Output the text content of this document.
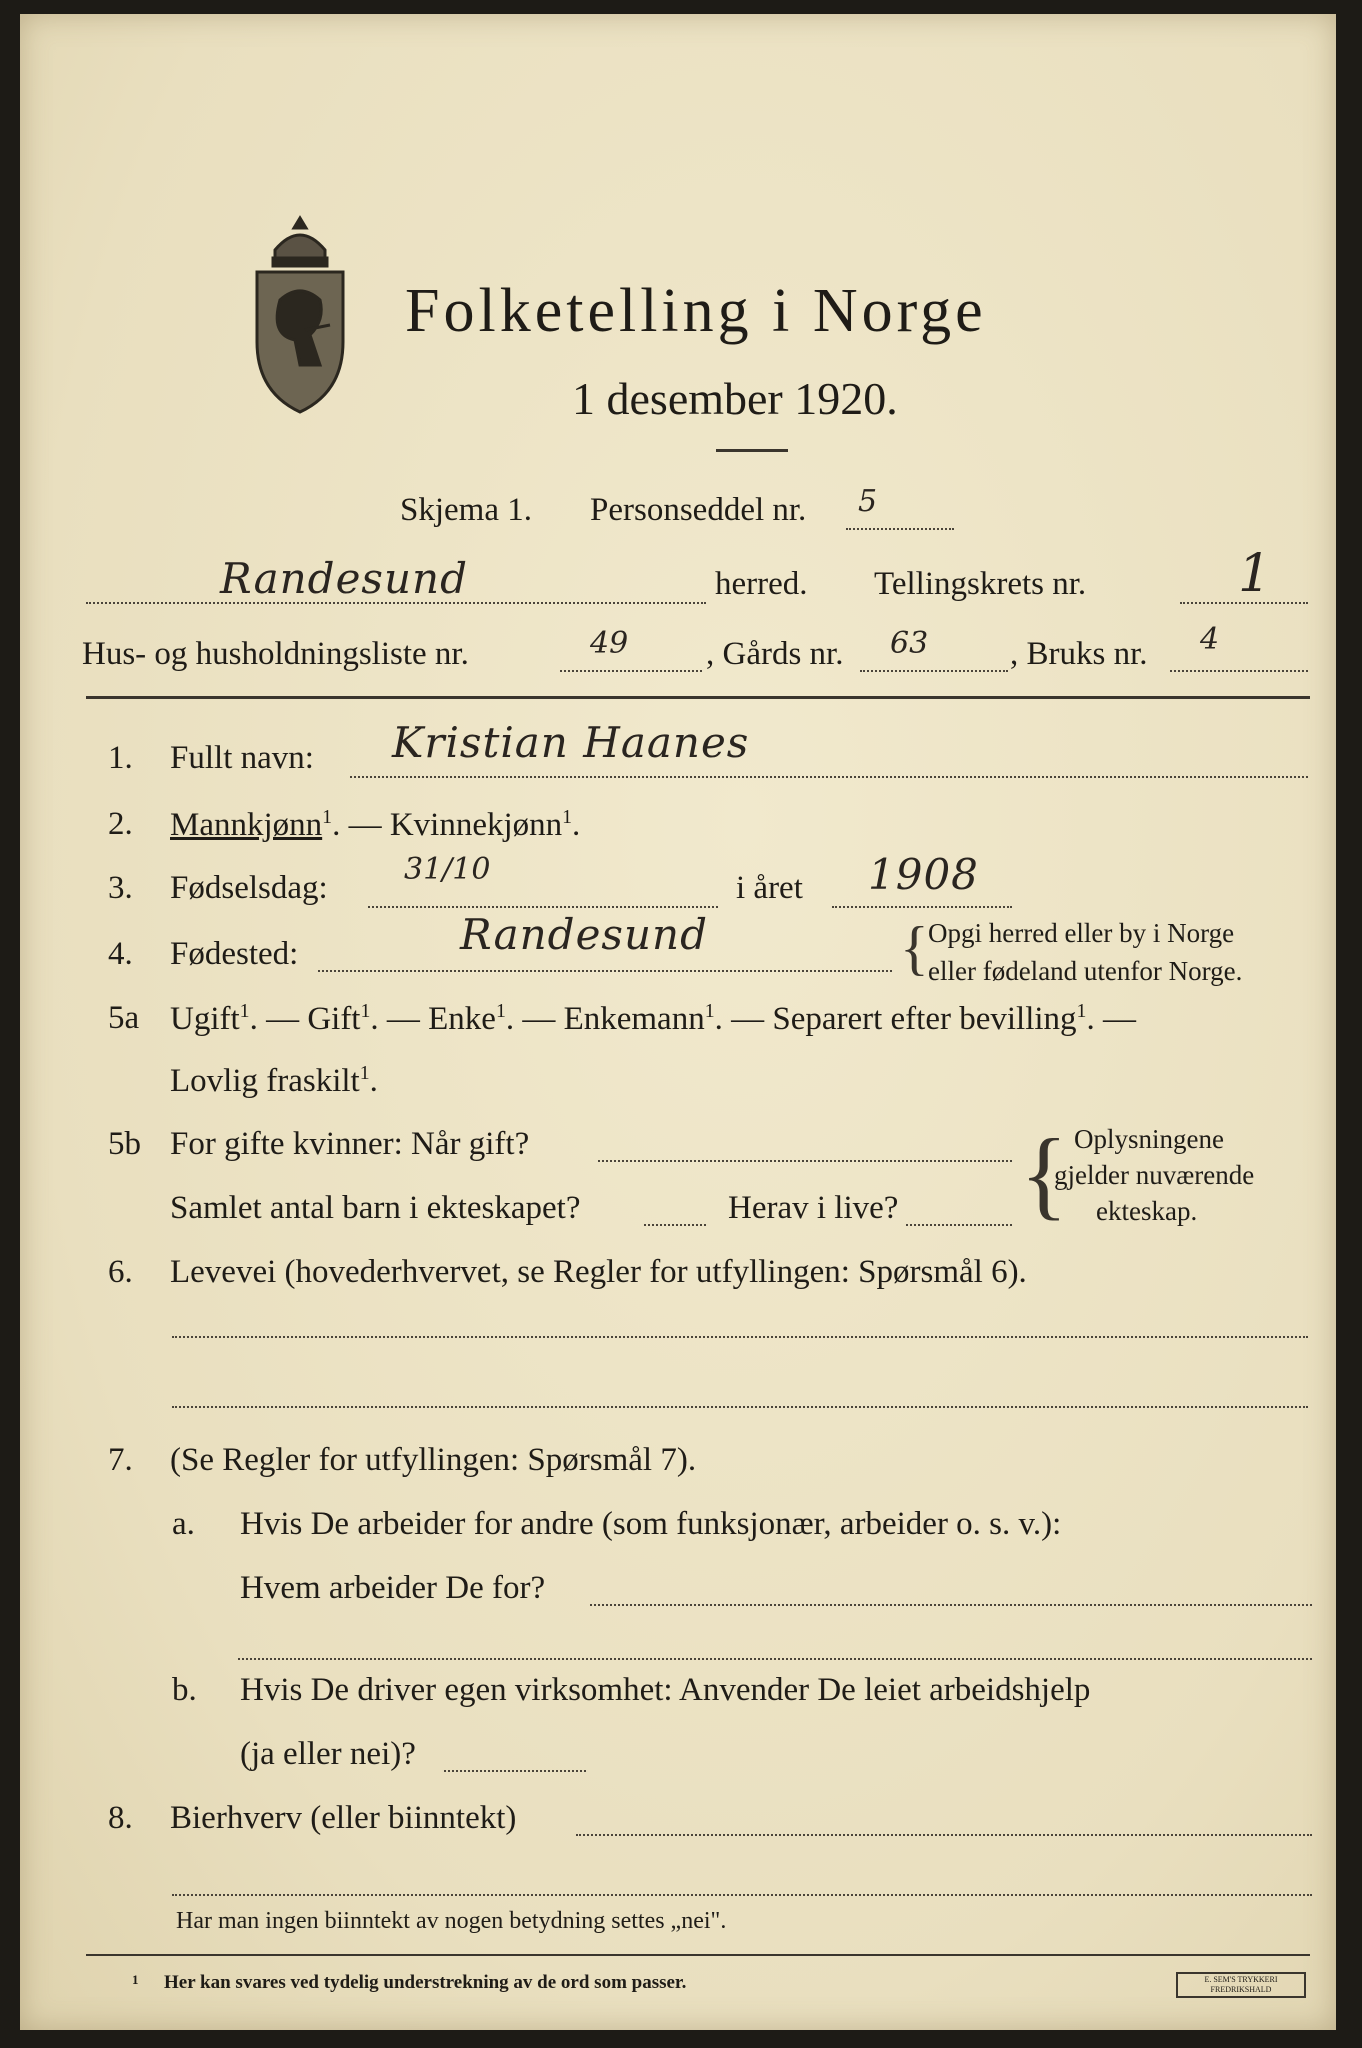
Folketelling i Norge
1 desember 1920.
Skjema 1. Personseddel nr. 5
Randesund	herred. Tellingskrets nr.	1
Hus- og husholdningsliste nr.	49 , Gårds nr. 63 , Bruks nr. 4
1. Fullt navn: Kristian Haanes
2. Mannkjønn$^1$. — Kvinnekjønn$^1$.
3. Fødselsdag:
31/10
i året 1908
4. Fødested:	Randesund	{ Opgi herred eller by i Norge
eller fødeland utenfor Norge.
5a Ugift$^1$. — Gift$^1$. — Enke$^1$. — Enkemann$^1$. — Separert efter bevilling$^1$. —
Lovlig fraskilt$^1$.
5b For gifte kvinner: Når gift?
Samlet antal barn i ekteskapet?	Herav i live? { Oplysningene
gjelder nuværende
ekteskap.
6. Levevei (hovederhvervet, se Regler for utfyllingen: Spørsmål 6).
7. (Se Regler for utfyllingen: Spørsmål 7).
a. Hvis De arbeider for andre (som funksjonær, arbeider o. s. v.):
Hvem arbeider De for?
b. Hvis De driver egen virksomhet: Anvender De leiet arbeidshjelp
(ja eller nei)?
8. Bierhverv (eller biinntekt)
Har man ingen biinntekt av nogen betydning settes „nei".
1 Her kan svares ved tydelig understrekning av de ord som passer.	E. SEM'S TRYKKERI
FREDRIKSHALD
